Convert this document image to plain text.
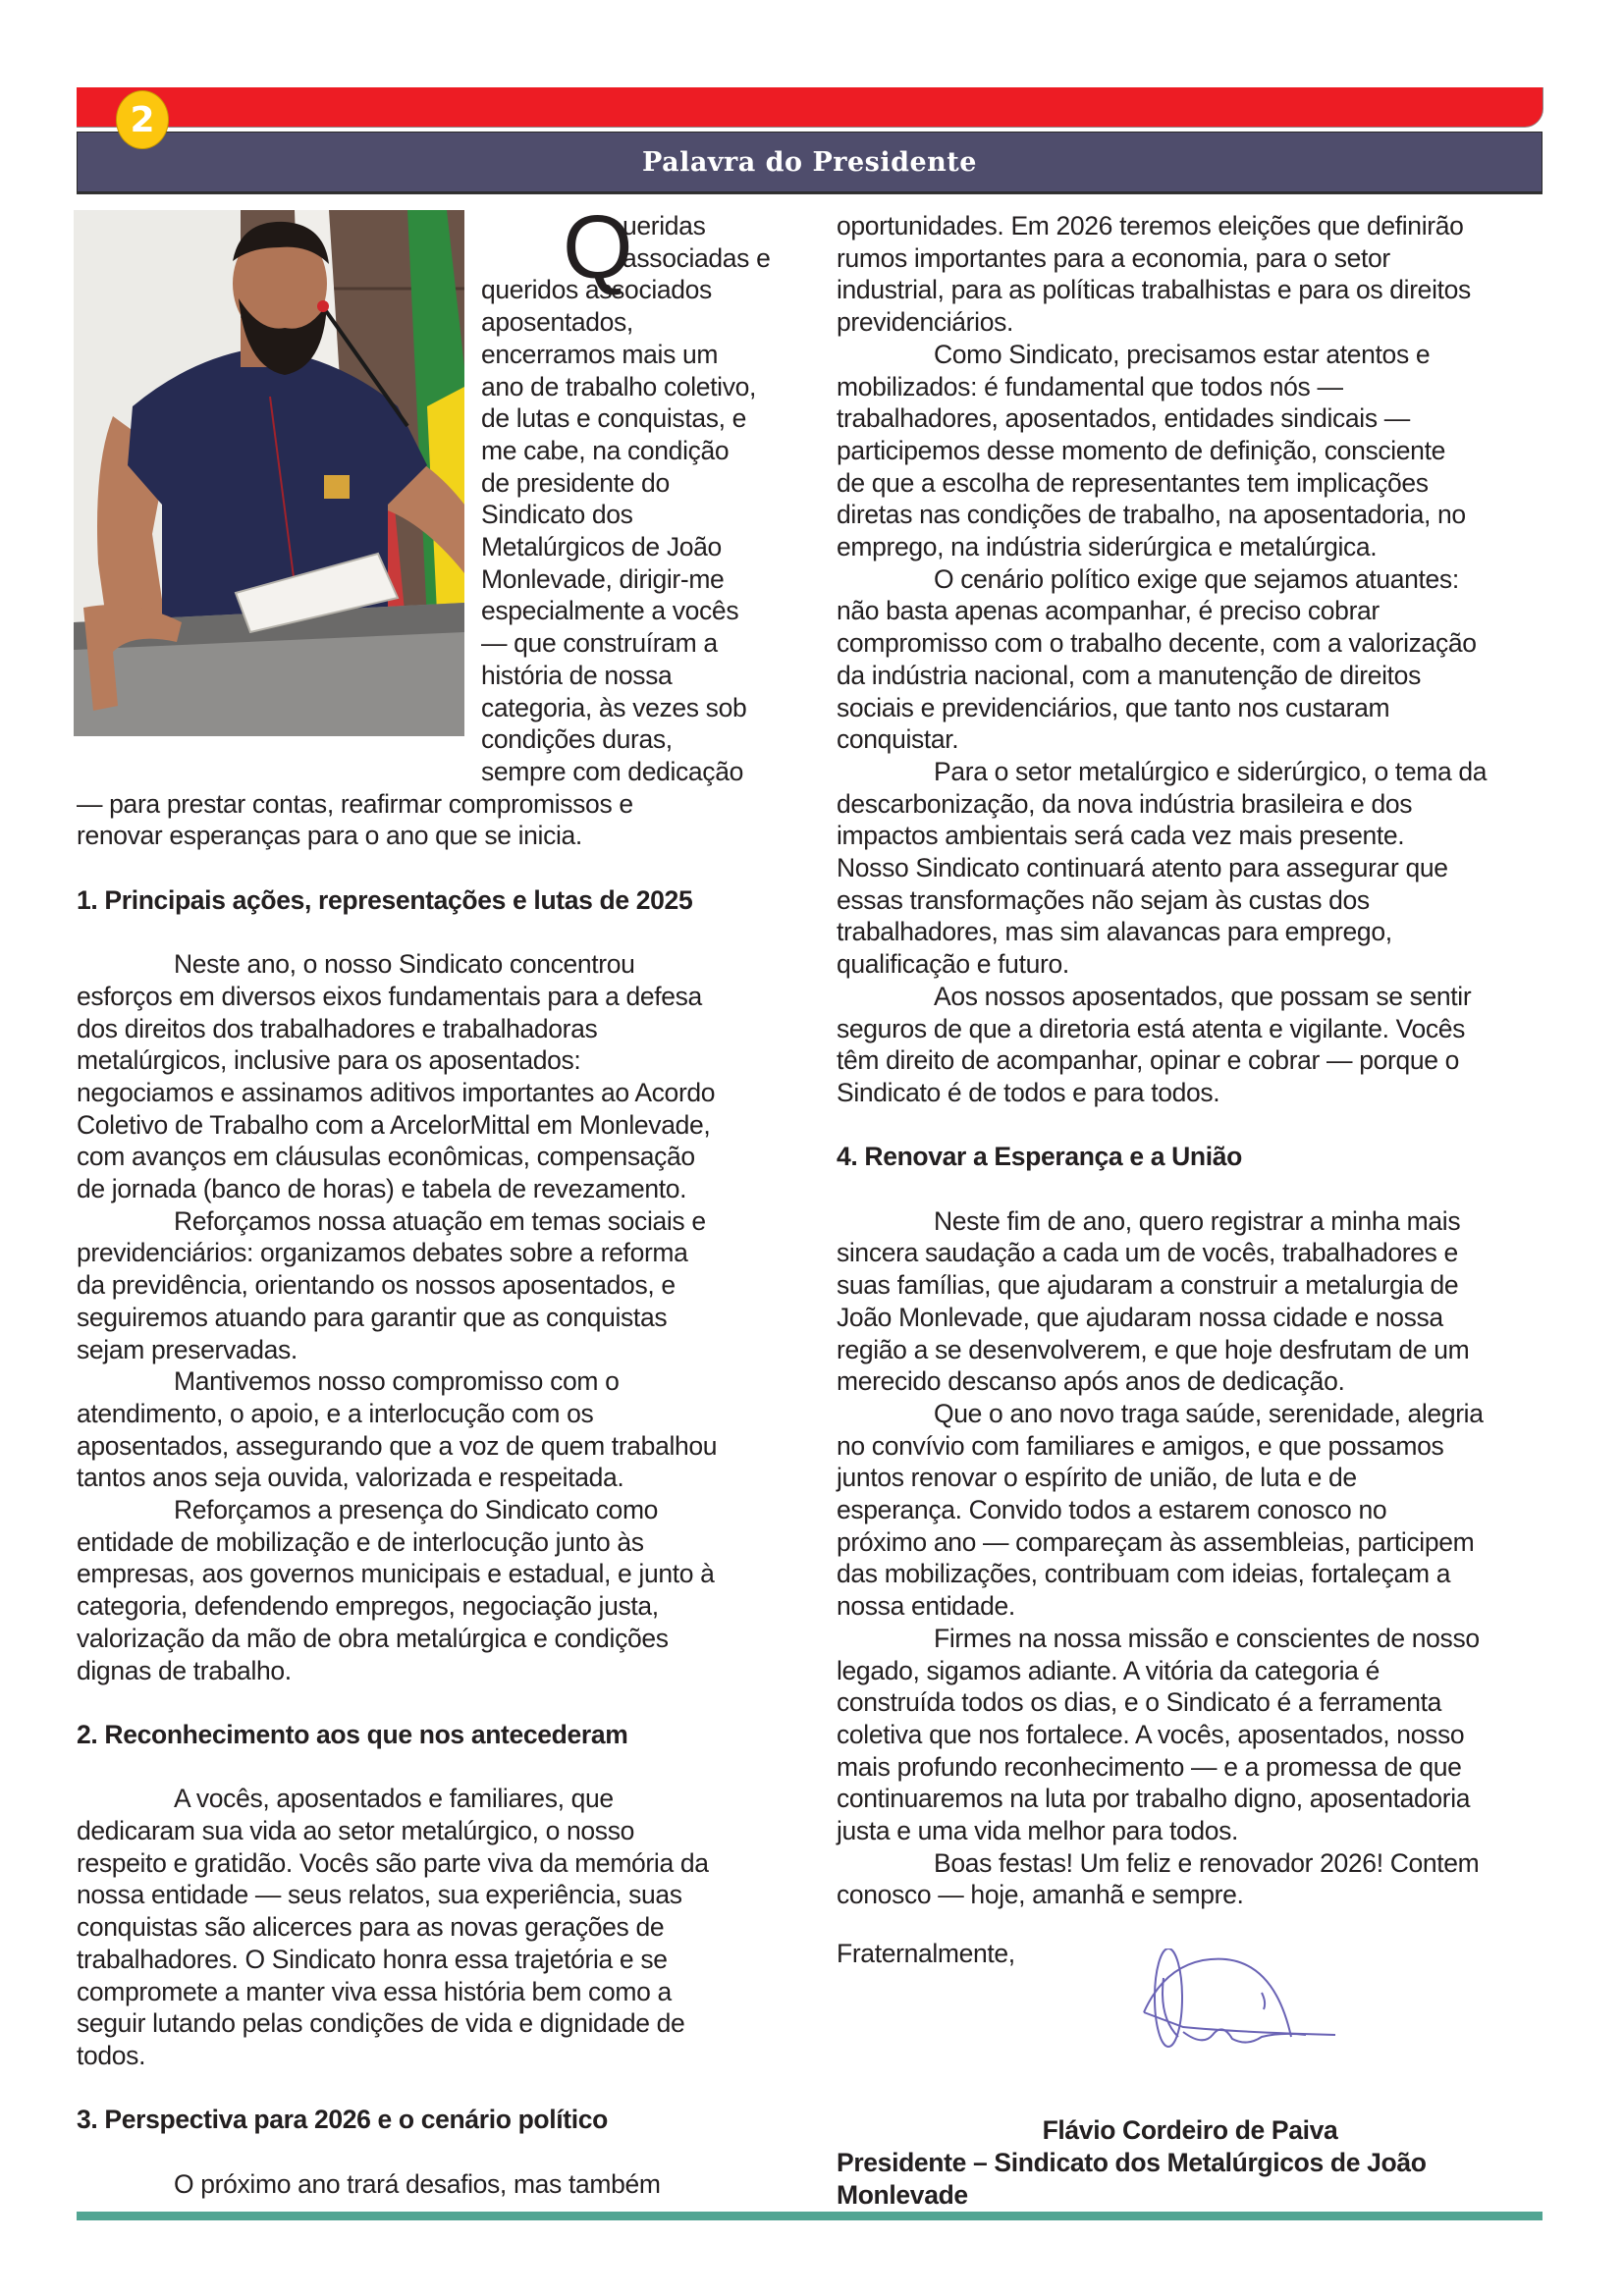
2
Palavra do Presidente
Q
ueridas
associadas e
queridos associados
aposentados,
encerramos mais um
ano de trabalho coletivo,
de lutas e conquistas, e
me cabe, na condição
de presidente do
Sindicato dos
Metalúrgicos de João
Monlevade, dirigir-me
especialmente a vocês
— que construíram a
história de nossa
categoria, às vezes sob
condições duras,
sempre com dedicação
— para prestar contas, reafirmar compromissos e
renovar esperanças para o ano que se inicia.
1. Principais ações, representações e lutas de 2025
Neste ano, o nosso Sindicato concentrou
esforços em diversos eixos fundamentais para a defesa
dos direitos dos trabalhadores e trabalhadoras
metalúrgicos, inclusive para os aposentados:
negociamos e assinamos aditivos importantes ao Acordo
Coletivo de Trabalho com a ArcelorMittal em Monlevade,
com avanços em cláusulas econômicas, compensação
de jornada (banco de horas) e tabela de revezamento.
Reforçamos nossa atuação em temas sociais e
previdenciários: organizamos debates sobre a reforma
da previdência, orientando os nossos aposentados, e
seguiremos atuando para garantir que as conquistas
sejam preservadas.
Mantivemos nosso compromisso com o
atendimento, o apoio, e a interlocução com os
aposentados, assegurando que a voz de quem trabalhou
tantos anos seja ouvida, valorizada e respeitada.
Reforçamos a presença do Sindicato como
entidade de mobilização e de interlocução junto às
empresas, aos governos municipais e estadual, e junto à
categoria, defendendo empregos, negociação justa,
valorização da mão de obra metalúrgica e condições
dignas de trabalho.
2. Reconhecimento aos que nos antecederam
A vocês, aposentados e familiares, que
dedicaram sua vida ao setor metalúrgico, o nosso
respeito e gratidão. Vocês são parte viva da memória da
nossa entidade — seus relatos, sua experiência, suas
conquistas são alicerces para as novas gerações de
trabalhadores. O Sindicato honra essa trajetória e se
compromete a manter viva essa história bem como a
seguir lutando pelas condições de vida e dignidade de
todos.
3. Perspectiva para 2026 e o cenário político
O próximo ano trará desafios, mas também
oportunidades. Em 2026 teremos eleições que definirão
rumos importantes para a economia, para o setor
industrial, para as políticas trabalhistas e para os direitos
previdenciários.
Como Sindicato, precisamos estar atentos e
mobilizados: é fundamental que todos nós —
trabalhadores, aposentados, entidades sindicais —
participemos desse momento de definição, consciente
de que a escolha de representantes tem implicações
diretas nas condições de trabalho, na aposentadoria, no
emprego, na indústria siderúrgica e metalúrgica.
O cenário político exige que sejamos atuantes:
não basta apenas acompanhar, é preciso cobrar
compromisso com o trabalho decente, com a valorização
da indústria nacional, com a manutenção de direitos
sociais e previdenciários, que tanto nos custaram
conquistar.
Para o setor metalúrgico e siderúrgico, o tema da
descarbonização, da nova indústria brasileira e dos
impactos ambientais será cada vez mais presente.
Nosso Sindicato continuará atento para assegurar que
essas transformações não sejam às custas dos
trabalhadores, mas sim alavancas para emprego,
qualificação e futuro.
Aos nossos aposentados, que possam se sentir
seguros de que a diretoria está atenta e vigilante. Vocês
têm direito de acompanhar, opinar e cobrar — porque o
Sindicato é de todos e para todos.
4. Renovar a Esperança e a União
Neste fim de ano, quero registrar a minha mais
sincera saudação a cada um de vocês, trabalhadores e
suas famílias, que ajudaram a construir a metalurgia de
João Monlevade, que ajudaram nossa cidade e nossa
região a se desenvolverem, e que hoje desfrutam de um
merecido descanso após anos de dedicação.
Que o ano novo traga saúde, serenidade, alegria
no convívio com familiares e amigos, e que possamos
juntos renovar o espírito de união, de luta e de
esperança. Convido todos a estarem conosco no
próximo ano — compareçam às assembleias, participem
das mobilizações, contribuam com ideias, fortaleçam a
nossa entidade.
Firmes na nossa missão e conscientes de nosso
legado, sigamos adiante. A vitória da categoria é
construída todos os dias, e o Sindicato é a ferramenta
coletiva que nos fortalece. A vocês, aposentados, nosso
mais profundo reconhecimento — e a promessa de que
continuaremos na luta por trabalho digno, aposentadoria
justa e uma vida melhor para todos.
Boas festas! Um feliz e renovador 2026! Contem
conosco — hoje, amanhã e sempre.
Flávio Cordeiro de Paiva
Presidente – Sindicato dos Metalúrgicos de João
Monlevade
Fraternalmente,
